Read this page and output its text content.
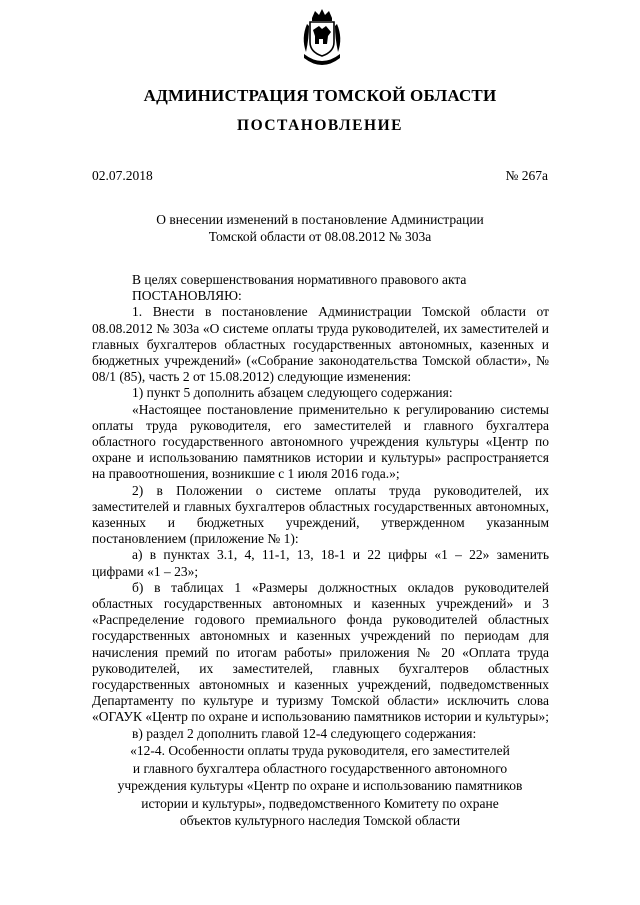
АДМИНИСТРАЦИЯ ТОМСКОЙ ОБЛАСТИ
ПОСТАНОВЛЕНИЕ
02.07.2018	№ 267а
О внесении изменений в постановление Администрации
Томской области от 08.08.2012 № 303а

В целях совершенствования нормативного правового акта

ПОСТАНОВЛЯЮ:

1. Внести в постановление Администрации Томской области от 08.08.2012 № 303а «О системе оплаты труда руководителей, их заместителей и главных бухгалтеров областных государственных автономных, казенных и бюджетных учреждений» («Собрание законодательства Томской области», № 08/1 (85), часть 2 от 15.08.2012) следующие изменения:

1) пункт 5 дополнить абзацем следующего содержания:

«Настоящее постановление применительно к регулированию системы оплаты труда руководителя, его заместителей и главного бухгалтера областного государственного автономного учреждения культуры «Центр по охране и использованию памятников истории и культуры» распространяется на правоотношения, возникшие с 1 июля 2016 года.»;

2) в Положении о системе оплаты труда руководителей, их заместителей и главных бухгалтеров областных государственных автономных, казенных и бюджетных учреждений, утвержденном указанным постановлением (приложение № 1):

а) в пунктах 3.1, 4, 11-1, 13, 18-1 и 22 цифры «1 – 22» заменить цифрами «1 – 23»;

б) в таблицах 1 «Размеры должностных окладов руководителей областных государственных автономных и казенных учреждений» и 3 «Распределение годового премиального фонда руководителей областных государственных автономных и казенных учреждений по периодам для начисления премий по итогам работы» приложения № 20 «Оплата труда руководителей, их заместителей, главных бухгалтеров областных государственных автономных и казенных учреждений, подведомственных Департаменту по культуре и туризму Томской области» исключить слова «ОГАУК «Центр по охране и использованию памятников истории и культуры»;

в) раздел 2 дополнить главой 12-4 следующего содержания:

«12-4. Особенности оплаты труда руководителя, его заместителей
и главного бухгалтера областного государственного автономного
учреждения культуры «Центр по охране и использованию памятников
истории и культуры», подведомственного Комитету по охране
объектов культурного наследия Томской области
